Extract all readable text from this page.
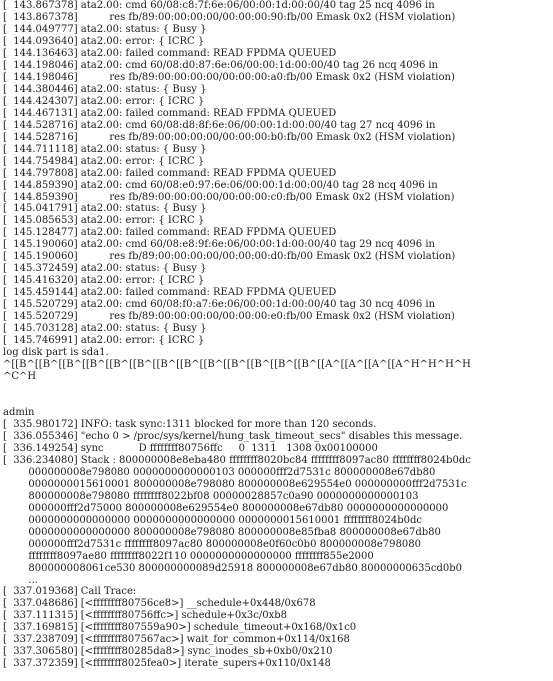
[  143.867378] ata2.00: cmd 60/08:c8:7f:6e:06/00:00:1d:00:00/40 tag 25 ncq 4096 in
[  143.867378]          res fb/89:00:00:00:00/00:00:00:90:fb/00 Emask 0x2 (HSM violation)
[  144.049777] ata2.00: status: { Busy }
[  144.093640] ata2.00: error: { ICRC }
[  144.136463] ata2.00: failed command: READ FPDMA QUEUED
[  144.198046] ata2.00: cmd 60/08:d0:87:6e:06/00:00:1d:00:00/40 tag 26 ncq 4096 in
[  144.198046]          res fb/89:00:00:00:00/00:00:00:a0:fb/00 Emask 0x2 (HSM violation)
[  144.380446] ata2.00: status: { Busy }
[  144.424307] ata2.00: error: { ICRC }
[  144.467131] ata2.00: failed command: READ FPDMA QUEUED
[  144.528716] ata2.00: cmd 60/08:d8:8f:6e:06/00:00:1d:00:00/40 tag 27 ncq 4096 in
[  144.528716]          res fb/89:00:00:00:00/00:00:00:b0:fb/00 Emask 0x2 (HSM violation)
[  144.711118] ata2.00: status: { Busy }
[  144.754984] ata2.00: error: { ICRC }
[  144.797808] ata2.00: failed command: READ FPDMA QUEUED
[  144.859390] ata2.00: cmd 60/08:e0:97:6e:06/00:00:1d:00:00/40 tag 28 ncq 4096 in
[  144.859390]          res fb/89:00:00:00:00/00:00:00:c0:fb/00 Emask 0x2 (HSM violation)
[  145.041791] ata2.00: status: { Busy }
[  145.085653] ata2.00: error: { ICRC }
[  145.128477] ata2.00: failed command: READ FPDMA QUEUED
[  145.190060] ata2.00: cmd 60/08:e8:9f:6e:06/00:00:1d:00:00/40 tag 29 ncq 4096 in
[  145.190060]          res fb/89:00:00:00:00/00:00:00:d0:fb/00 Emask 0x2 (HSM violation)
[  145.372459] ata2.00: status: { Busy }
[  145.416320] ata2.00: error: { ICRC }
[  145.459144] ata2.00: failed command: READ FPDMA QUEUED
[  145.520729] ata2.00: cmd 60/08:f0:a7:6e:06/00:00:1d:00:00/40 tag 30 ncq 4096 in
[  145.520729]          res fb/89:00:00:00:00/00:00:00:e0:fb/00 Emask 0x2 (HSM violation)
[  145.703128] ata2.00: status: { Busy }
[  145.746991] ata2.00: error: { ICRC }
log disk part is sda1.
^[[B^[[B^[[B^[[B^[[B^[[B^[[B^[[B^[[B^[[B^[[B^[[B^[[B^[[A^[[A^[[A^[[A^H^H^H^H
^C^H
admin
[  335.980172] INFO: task sync:1311 blocked for more than 120 seconds.
[  336.055346] "echo 0 > /proc/sys/kernel/hung_task_timeout_secs" disables this message.
[  336.149254] sync           D ffffffff80756ffc     0  1311   1308 0x00100000
[  336.234080] Stack : 800000008e8eba480 ffffffff8020bc84 ffffffff8097ac80 ffffffff8024b0dc
000000008e798080 0000000000000103 000000fff2d7531c 800000008e67db80
0000000015610001 800000008e798080 800000008e629554e0 000000000fff2d7531c
800000008e798080 ffffffff8022bf08 00000028857c0a90 0000000000000103
000000fff2d75000 800000008e629554e0 800000008e67db80 0000000000000000
0000000000000000 0000000000000000 0000000015610001 ffffffff8024b0dc
0000000000000000 800000008e798080 800000008e85fba8 800000008e67db80
000000fff2d7531c ffffffff8097ac80 800000008e0f60c0b0 800000008e798080
ffffffff8097ae80 ffffffff8022f110 0000000000000000 ffffffff855e2000
800000008061ce530 800000000089d25918 800000008e67db80 80000000635cd0b0
...
[  337.019368] Call Trace:
[  337.048686] [<ffffffff80756ce8>] __schedule+0x448/0x678
[  337.111315] [<ffffffff80756ffc>] schedule+0x3c/0xb8
[  337.169815] [<ffffffff807559a90>] schedule_timeout+0x168/0x1c0
[  337.238709] [<ffffffff807567ac>] wait_for_common+0x114/0x168
[  337.306580] [<ffffffff80285da8>] sync_inodes_sb+0xb0/0x210
[  337.372359] [<ffffffff8025fea0>] iterate_supers+0x110/0x148
